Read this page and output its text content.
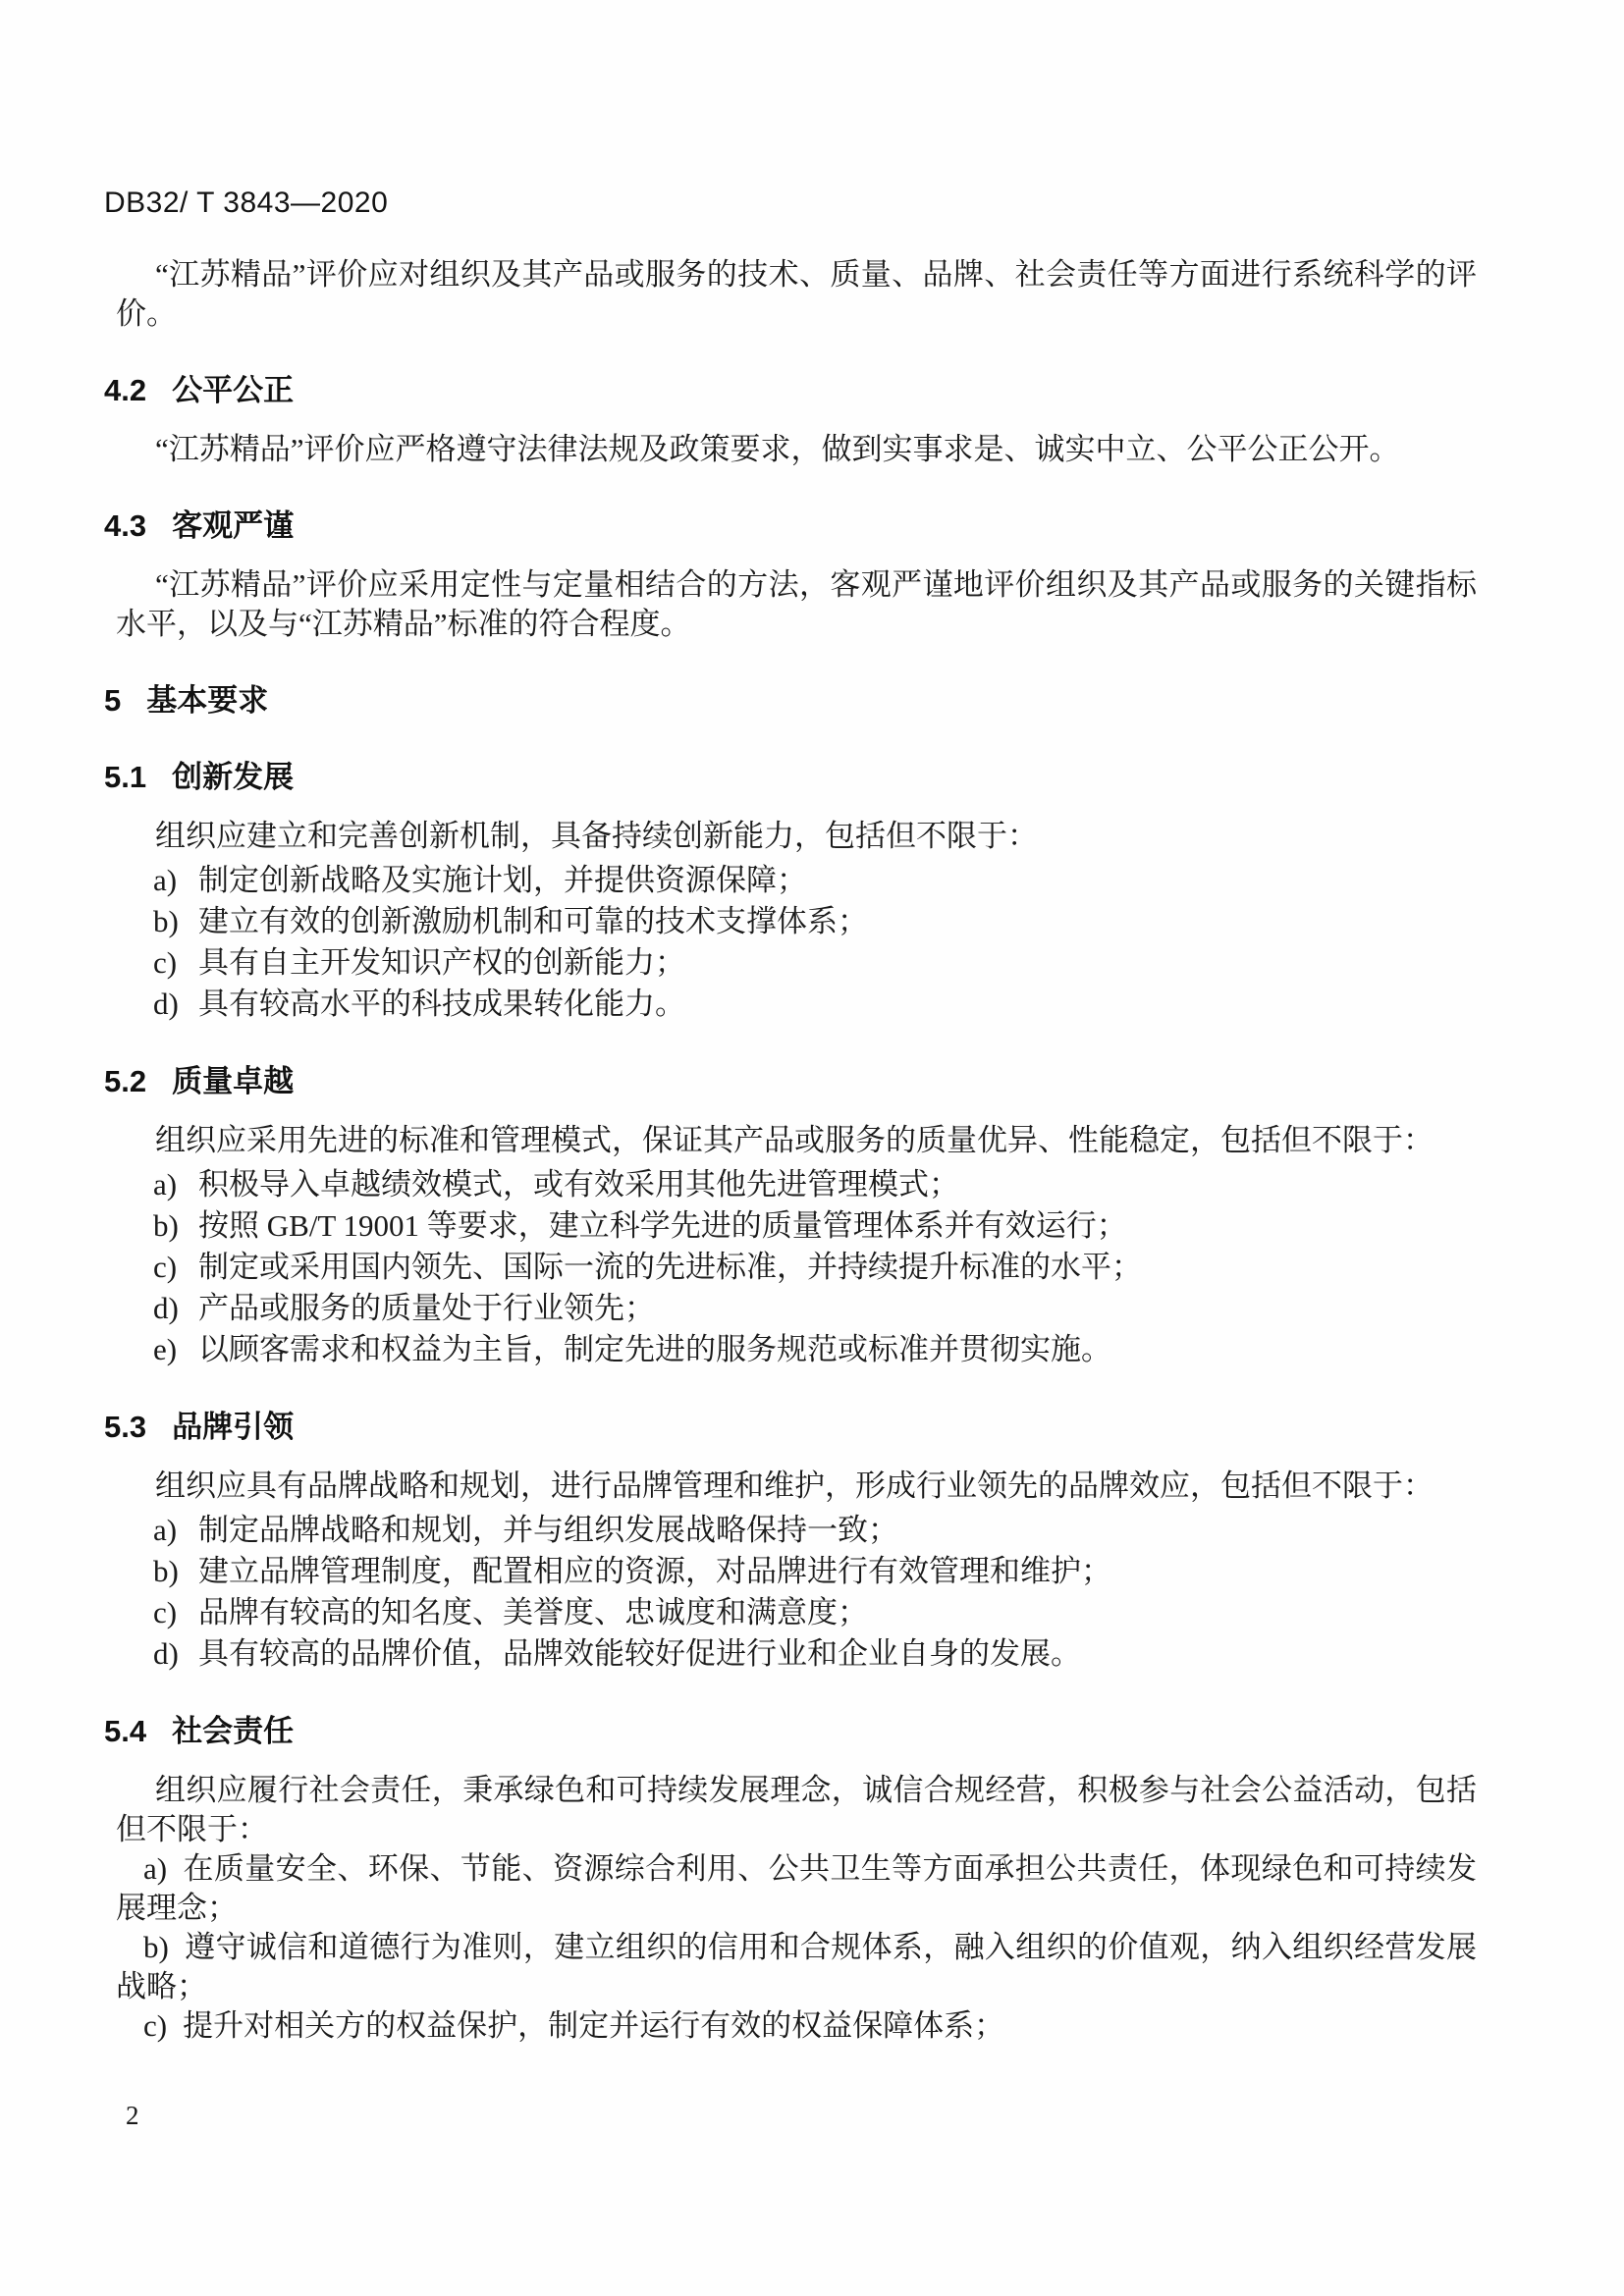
DB32/ T 3843—2020

“江苏精品”评价应对组织及其产品或服务的技术、质量、品牌、社会责任等方面进行系统科学的评价。

4.2 公平公正

“江苏精品”评价应严格遵守法律法规及政策要求，做到实事求是、诚实中立、公平公正公开。

4.3 客观严谨

“江苏精品”评价应采用定性与定量相结合的方法，客观严谨地评价组织及其产品或服务的关键指标水平，以及与“江苏精品”标准的符合程度。

5 基本要求
5.1 创新发展

组织应建立和完善创新机制，具备持续创新能力，包括但不限于：

a) 制定创新战略及实施计划，并提供资源保障；
b) 建立有效的创新激励机制和可靠的技术支撑体系；
c) 具有自主开发知识产权的创新能力；
d) 具有较高水平的科技成果转化能力。
5.2 质量卓越

组织应采用先进的标准和管理模式，保证其产品或服务的质量优异、性能稳定，包括但不限于：

a) 积极导入卓越绩效模式，或有效采用其他先进管理模式；
b) 按照 GB/T 19001 等要求，建立科学先进的质量管理体系并有效运行；
c) 制定或采用国内领先、国际一流的先进标准，并持续提升标准的水平；
d) 产品或服务的质量处于行业领先；
e) 以顾客需求和权益为主旨，制定先进的服务规范或标准并贯彻实施。
5.3 品牌引领

组织应具有品牌战略和规划，进行品牌管理和维护，形成行业领先的品牌效应，包括但不限于：

a) 制定品牌战略和规划，并与组织发展战略保持一致；
b) 建立品牌管理制度，配置相应的资源，对品牌进行有效管理和维护；
c) 品牌有较高的知名度、美誉度、忠诚度和满意度；
d) 具有较高的品牌价值，品牌效能较好促进行业和企业自身的发展。
5.4 社会责任

组织应履行社会责任，秉承绿色和可持续发展理念，诚信合规经营，积极参与社会公益活动，包括但不限于：

a) 在质量安全、环保、节能、资源综合利用、公共卫生等方面承担公共责任，体现绿色和可持续发展理念；

b) 遵守诚信和道德行为准则，建立组织的信用和合规体系，融入组织的价值观，纳入组织经营发展战略；

c) 提升对相关方的权益保护，制定并运行有效的权益保障体系；

2
